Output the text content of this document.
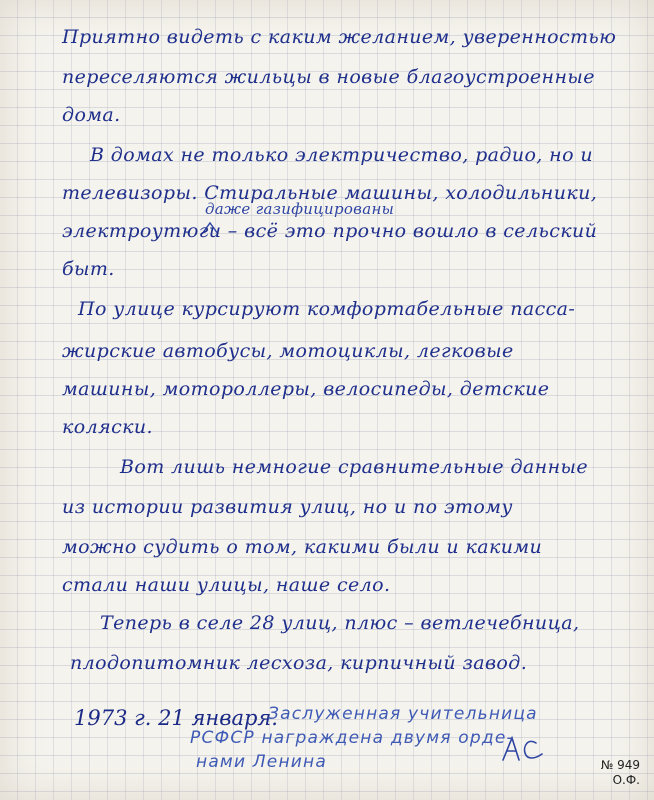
Приятно видеть с каким желанием, уверенностью
переселяются жильцы в новые благоустроенные
дома.
В домах не только электричество, радио, но и
телевизоры. Стиральные машины, холодильники,
даже газифицированы
электроутюги – всё это прочно вошло в сельский
быт.
По улице курсируют комфортабельные пасса-
жирские автобусы, мотоциклы, легковые
машины, мотороллеры, велосипеды, детские
коляски.
Вот лишь немногие сравнительные данные
из истории развития улиц, но и по этому
можно судить о том, какими были и какими
стали наши улицы, наше село.
Теперь в селе 28 улиц, плюс – ветлечебница,
плодопитомник лесхоза, кирпичный завод.
1973 г. 21 января.
Заслуженная учительница
РСФСР награждена двумя орде-
нами Ленина	№ 949
О.Ф.
